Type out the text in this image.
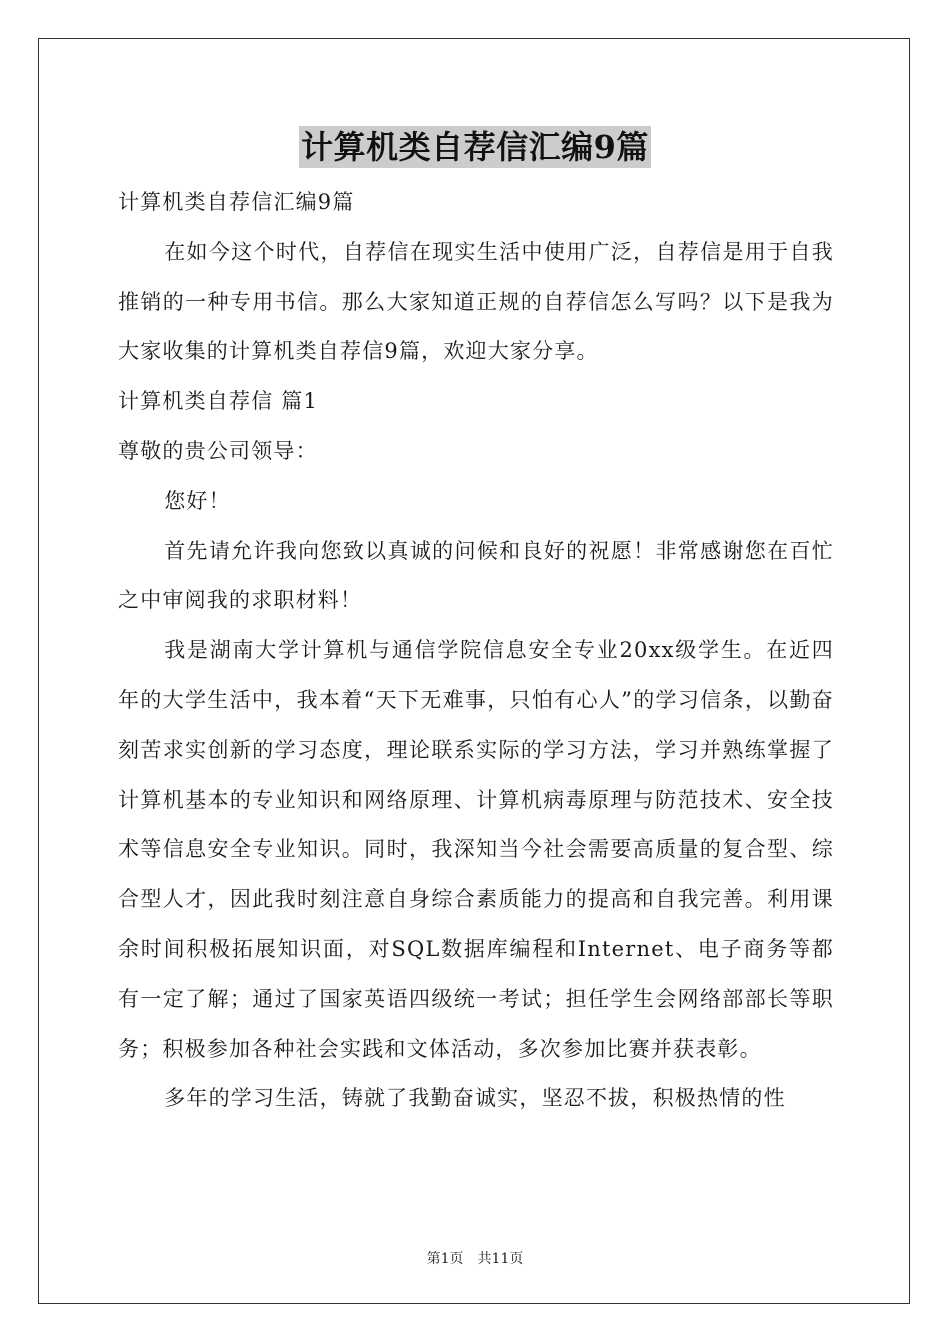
计算机类自荐信汇编9篇

计算机类自荐信汇编9篇

在如今这个时代，自荐信在现实生活中使用广泛，自荐信是用于自我推销的一种专用书信。那么大家知道正规的自荐信怎么写吗？以下是我为大家收集的计算机类自荐信9篇，欢迎大家分享。

计算机类自荐信 篇1

尊敬的贵公司领导：

您好！

首先请允许我向您致以真诚的问候和良好的祝愿！非常感谢您在百忙之中审阅我的求职材料！

我是湖南大学计算机与通信学院信息安全专业20xx级学生。在近四年的大学生活中，我本着“天下无难事，只怕有心人”的学习信条，以勤奋刻苦求实创新的学习态度，理论联系实际的学习方法，学习并熟练掌握了计算机基本的专业知识和网络原理、计算机病毒原理与防范技术、安全技术等信息安全专业知识。同时，我深知当今社会需要高质量的复合型、综合型人才，因此我时刻注意自身综合素质能力的提高和自我完善。利用课余时间积极拓展知识面，对SQL数据库编程和Internet、电子商务等都有一定了解；通过了国家英语四级统一考试；担任学生会网络部部长等职务；积极参加各种社会实践和文体活动，多次参加比赛并获表彰。

多年的学习生活，铸就了我勤奋诚实，坚忍不拔，积极热情的性

第1页 共11页
